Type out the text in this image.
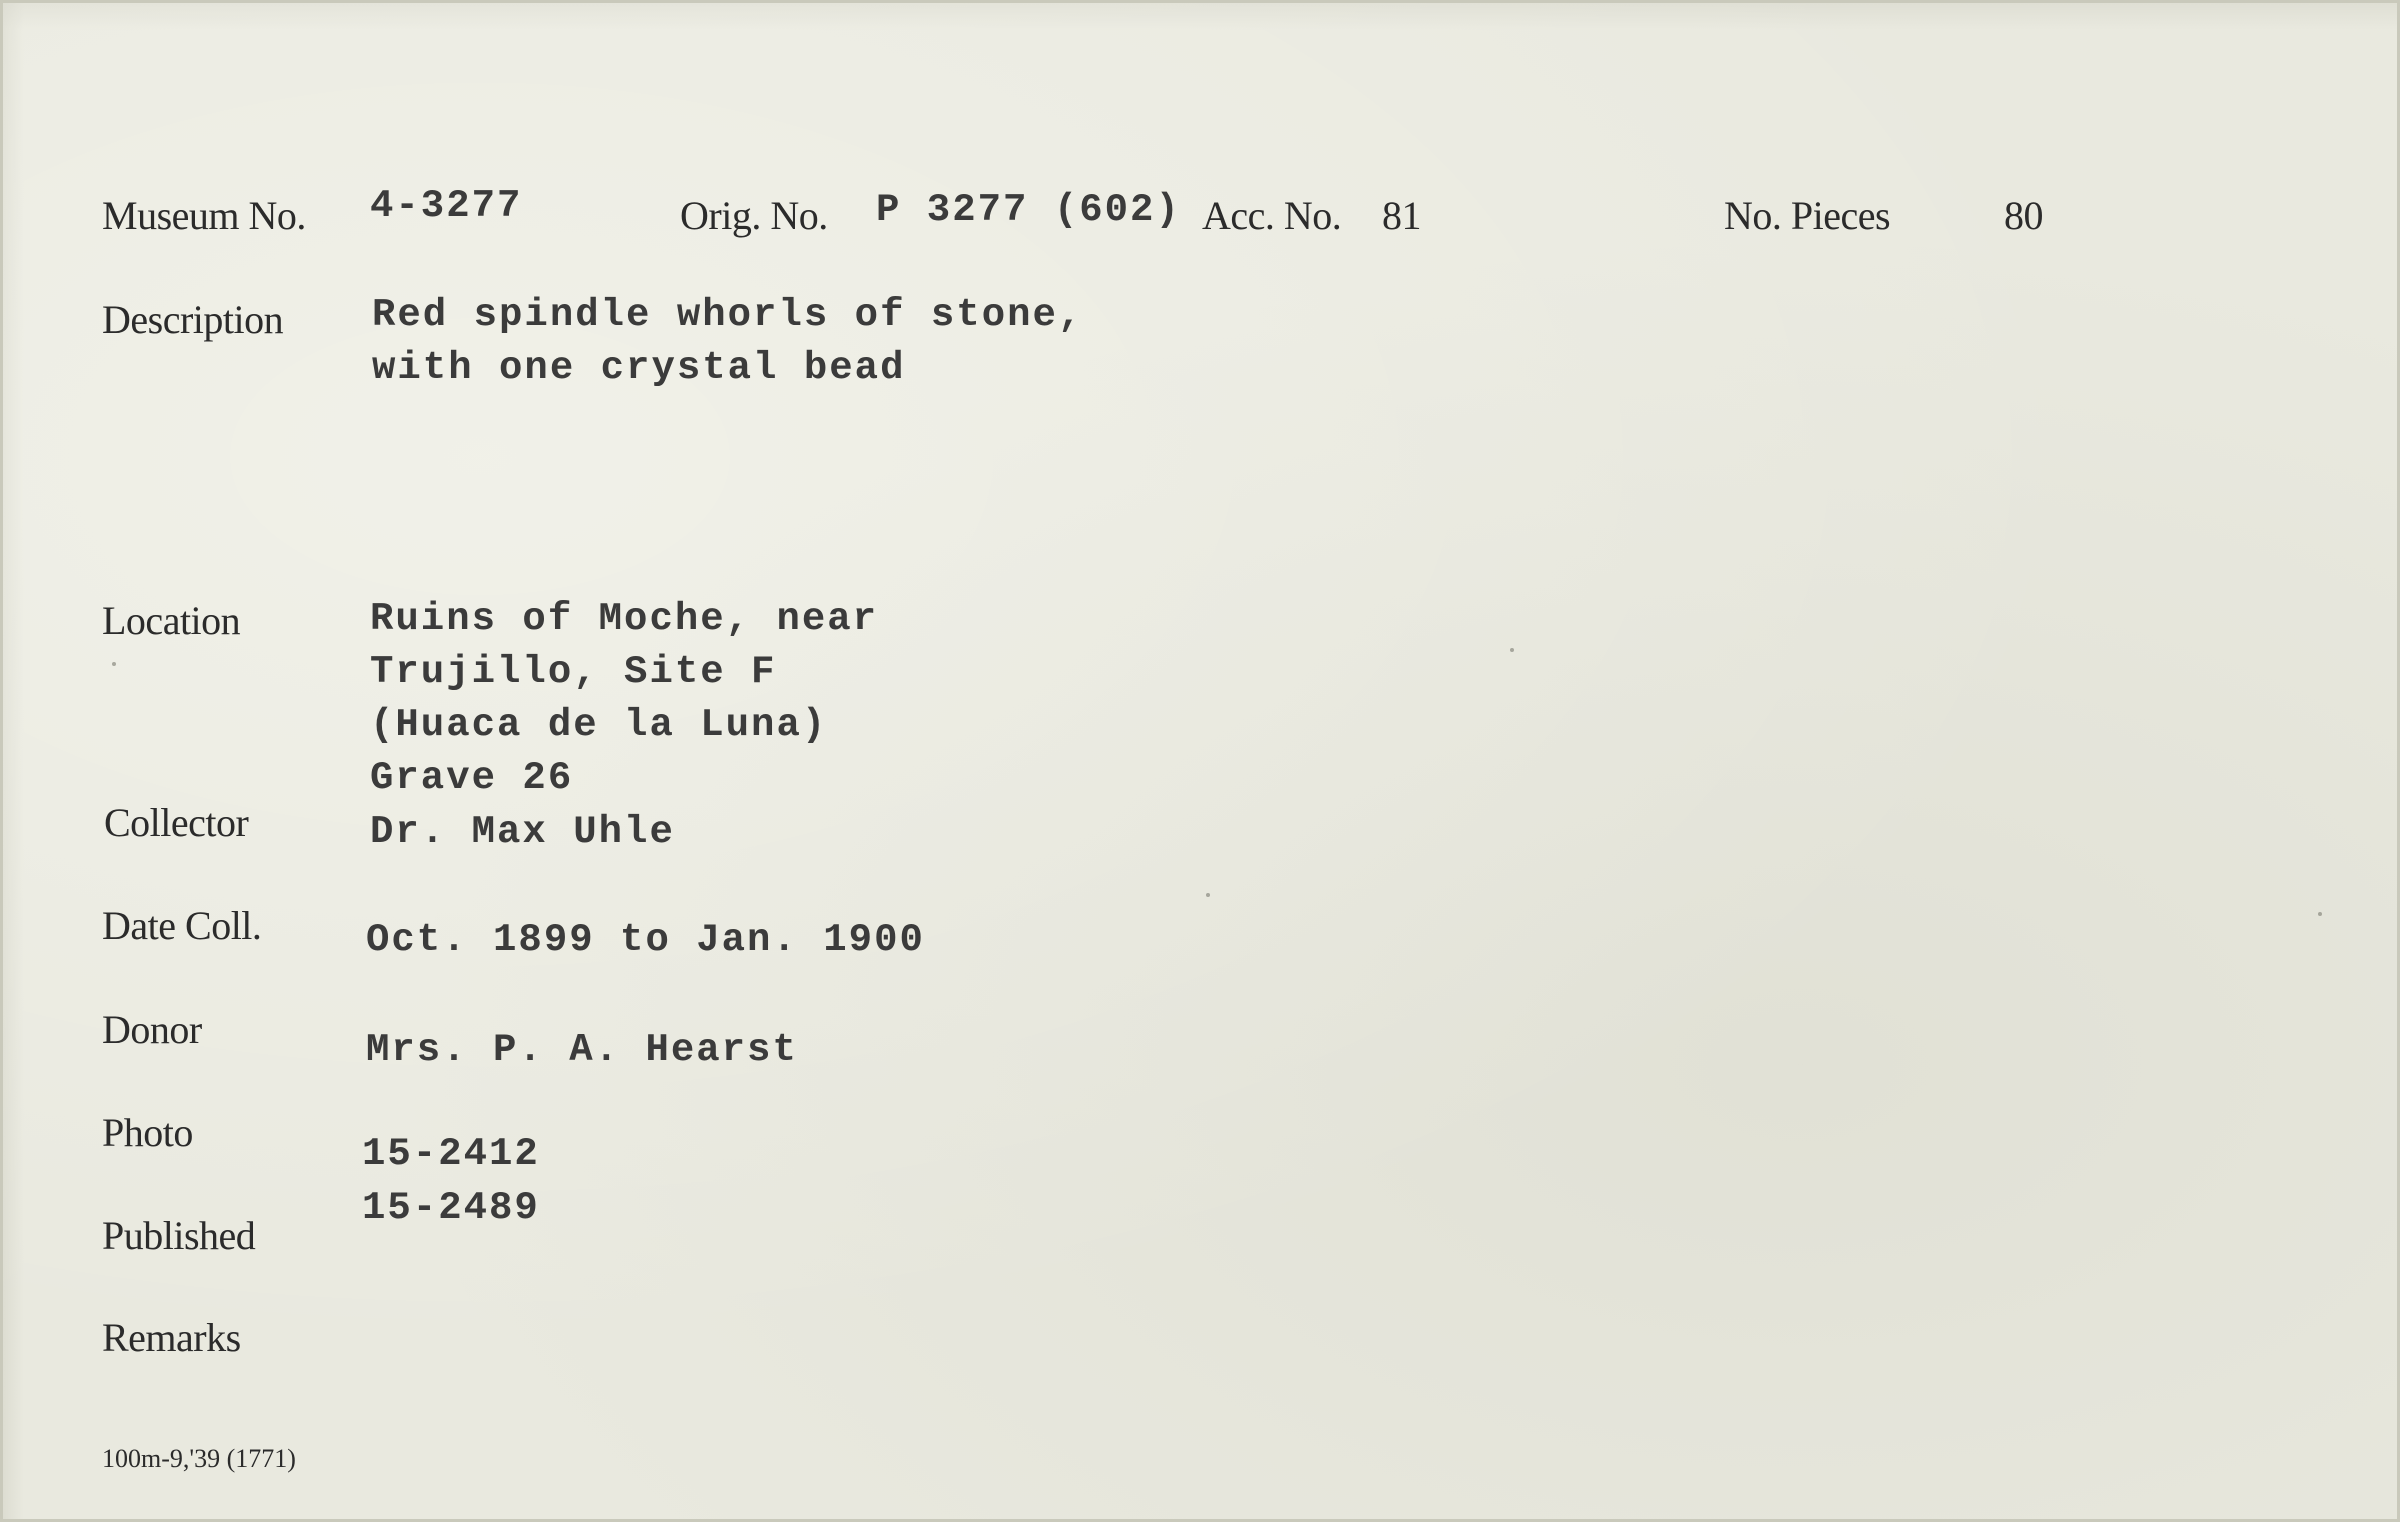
Museum No. 4-3277	Orig. No. P 3277 (602) Acc. No. 81	No. Pieces	80
Description Red spindle whorls of stone,
with one crystal bead
Location	Ruins of Moche, near
Trujillo, Site F
(Huaca de la Luna)
Grave 26
Collector	Dr. Max Uhle
Date Coll.	Oct. 1899 to Jan. 1900
Donor	Mrs. P. A. Hearst
Photo	15-2412
15-2489
Published
Remarks
100m-9,'39 (1771)
